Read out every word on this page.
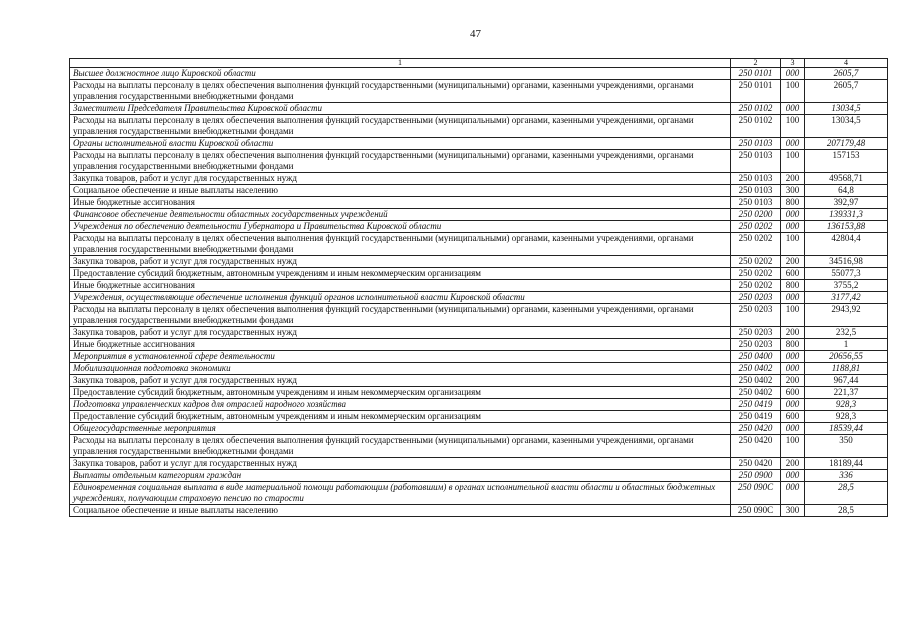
47
1	2	3	4
Высшее должностное лицо Кировской области	250 0101	000	2605,7
Расходы на выплаты персоналу в целях обеспечения выполнения функций государственными (муниципальными) органами, казенными учреждениями, органами управления государственными внебюджетными фондами	250 0101	100	2605,7
Заместители Председателя Правительства Кировской области	250 0102	000	13034,5
Расходы на выплаты персоналу в целях обеспечения выполнения функций государственными (муниципальными) органами, казенными учреждениями, органами управления государственными внебюджетными фондами	250 0102	100	13034,5
Органы исполнительной власти Кировской области	250 0103	000	207179,48
Расходы на выплаты персоналу в целях обеспечения выполнения функций государственными (муниципальными) органами, казенными учреждениями, органами управления государственными внебюджетными фондами	250 0103	100	157153
Закупка товаров, работ и услуг для государственных нужд	250 0103	200	49568,71
Социальное обеспечение и иные выплаты населению	250 0103	300	64,8
Иные бюджетные ассигнования	250 0103	800	392,97
Финансовое обеспечение деятельности областных государственных учреждений	250 0200	000	139331,3
Учреждения по обеспечению деятельности Губернатора и Правительства Кировской области	250 0202	000	136153,88
Расходы на выплаты персоналу в целях обеспечения выполнения функций государственными (муниципальными) органами, казенными учреждениями, органами управления государственными внебюджетными фондами	250 0202	100	42804,4
Закупка товаров, работ и услуг для государственных нужд	250 0202	200	34516,98
Предоставление субсидий бюджетным, автономным учреждениям и иным некоммерческим организациям	250 0202	600	55077,3
Иные бюджетные ассигнования	250 0202	800	3755,2
Учреждения, осуществляющие обеспечение исполнения функций органов исполнительной власти Кировской области	250 0203	000	3177,42
Расходы на выплаты персоналу в целях обеспечения выполнения функций государственными (муниципальными) органами, казенными учреждениями, органами управления государственными внебюджетными фондами	250 0203	100	2943,92
Закупка товаров, работ и услуг для государственных нужд	250 0203	200	232,5
Иные бюджетные ассигнования	250 0203	800	1
Мероприятия в установленной сфере деятельности	250 0400	000	20656,55
Мобилизационная подготовка экономики	250 0402	000	1188,81
Закупка товаров, работ и услуг для государственных нужд	250 0402	200	967,44
Предоставление субсидий бюджетным, автономным учреждениям и иным некоммерческим организациям	250 0402	600	221,37
Подготовка управленческих кадров для отраслей народного хозяйства	250 0419	000	928,3
Предоставление субсидий бюджетным, автономным учреждениям и иным некоммерческим организациям	250 0419	600	928,3
Общегосударственные мероприятия	250 0420	000	18539,44
Расходы на выплаты персоналу в целях обеспечения выполнения функций государственными (муниципальными) органами, казенными учреждениями, органами управления государственными внебюджетными фондами	250 0420	100	350
Закупка товаров, работ и услуг для государственных нужд	250 0420	200	18189,44
Выплаты отдельным категориям граждан	250 0900	000	336
Единовременная социальная выплата в виде материальной помощи работающим (работавшим) в органах исполнительной власти области и областных бюджетных учреждениях, получающим страховую пенсию по старости	250 090С	000	28,5
Социальное обеспечение и иные выплаты населению	250 090С	300	28,5
